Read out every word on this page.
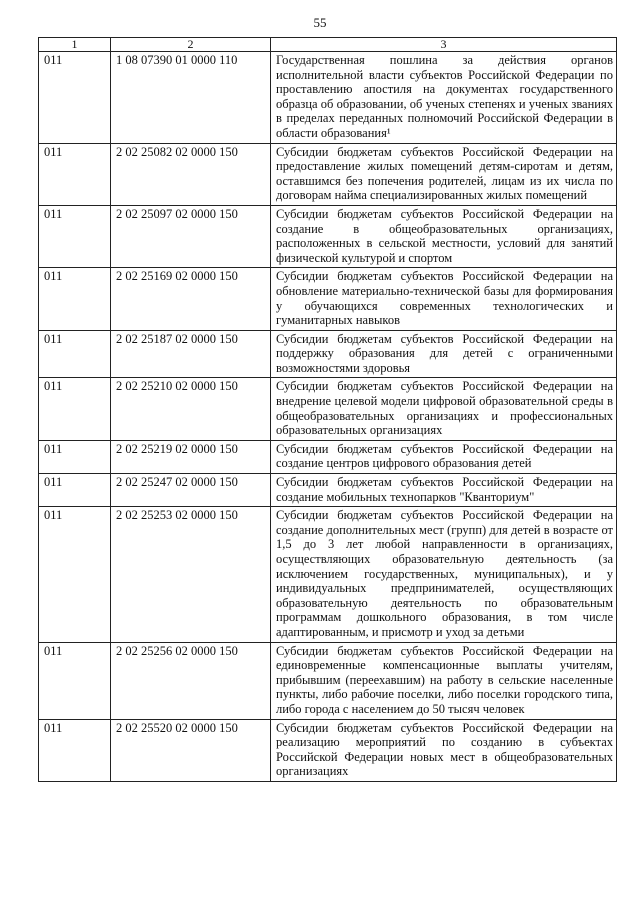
55
1	2	3
011	1 08 07390 01 0000 110	Государственная пошлина за действия органов исполнительной власти субъектов Российской Федерации по проставлению апостиля на документах государственного образца об образовании, об ученых степенях и ученых званиях в пределах переданных полномочий Российской Федерации в области образования¹
011	2 02 25082 02 0000 150	Субсидии бюджетам субъектов Российской Федерации на предоставление жилых помещений детям-сиротам и детям, оставшимся без попечения родителей, лицам из их числа по договорам найма специализированных жилых помещений
011	2 02 25097 02 0000 150	Субсидии бюджетам субъектов Российской Федерации на создание в общеобразовательных организациях, расположенных в сельской местности, условий для занятий физической культурой и спортом
011	2 02 25169 02 0000 150	Субсидии бюджетам субъектов Российской Федерации на обновление материально-технической базы для формирования у обучающихся современных технологических и гуманитарных навыков
011	2 02 25187 02 0000 150	Субсидии бюджетам субъектов Российской Федерации на поддержку образования для детей с ограниченными возможностями здоровья
011	2 02 25210 02 0000 150	Субсидии бюджетам субъектов Российской Федерации на внедрение целевой модели цифровой образовательной среды в общеобразовательных организациях и профессиональных образовательных организациях
011	2 02 25219 02 0000 150	Субсидии бюджетам субъектов Российской Федерации на создание центров цифрового образования детей
011	2 02 25247 02 0000 150	Субсидии бюджетам субъектов Российской Федерации на создание мобильных технопарков "Кванториум"
011	2 02 25253 02 0000 150	Субсидии бюджетам субъектов Российской Федерации на создание дополнительных мест (групп) для детей в возрасте от 1,5 до 3 лет любой направленности в организациях, осуществляющих образовательную деятельность (за исключением государственных, муниципальных), и у индивидуальных предпринимателей, осуществляющих образовательную деятельность по образовательным программам дошкольного образования, в том числе адаптированным, и присмотр и уход за детьми
011	2 02 25256 02 0000 150	Субсидии бюджетам субъектов Российской Федерации на единовременные компенсационные выплаты учителям, прибывшим (переехавшим) на работу в сельские населенные пункты, либо рабочие поселки, либо поселки городского типа, либо города с населением до 50 тысяч человек
011	2 02 25520 02 0000 150	Субсидии бюджетам субъектов Российской Федерации на реализацию мероприятий по созданию в субъектах Российской Федерации новых мест в общеобразовательных организациях
